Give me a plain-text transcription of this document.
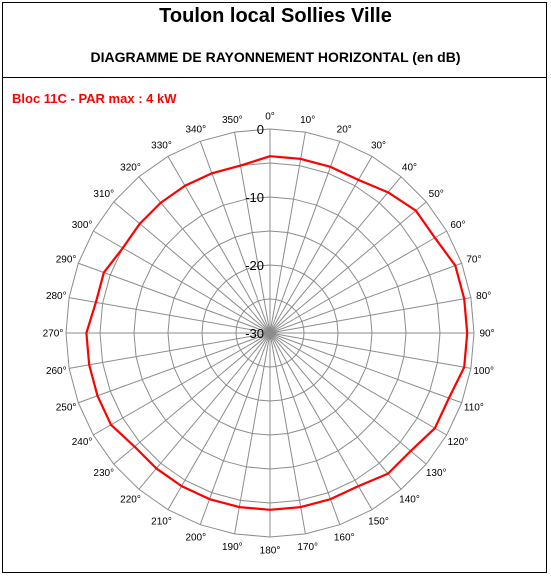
Toulon local Sollies Ville
DIAGRAMME DE RAYONNEMENT HORIZONTAL (en dB)
Bloc 11C - PAR max : 4 kW
0°	10°
20°
30°
40°
50°
60°
70°
80°
90°
100°
110°
120°
130°
140°
150°
160°
170°
180°
190°
200°
210°
220°
230°
240°
250°
260°
270°
280°
290°
300°
310°
320°
330°
340°
350°
0
-10
-20
-30
